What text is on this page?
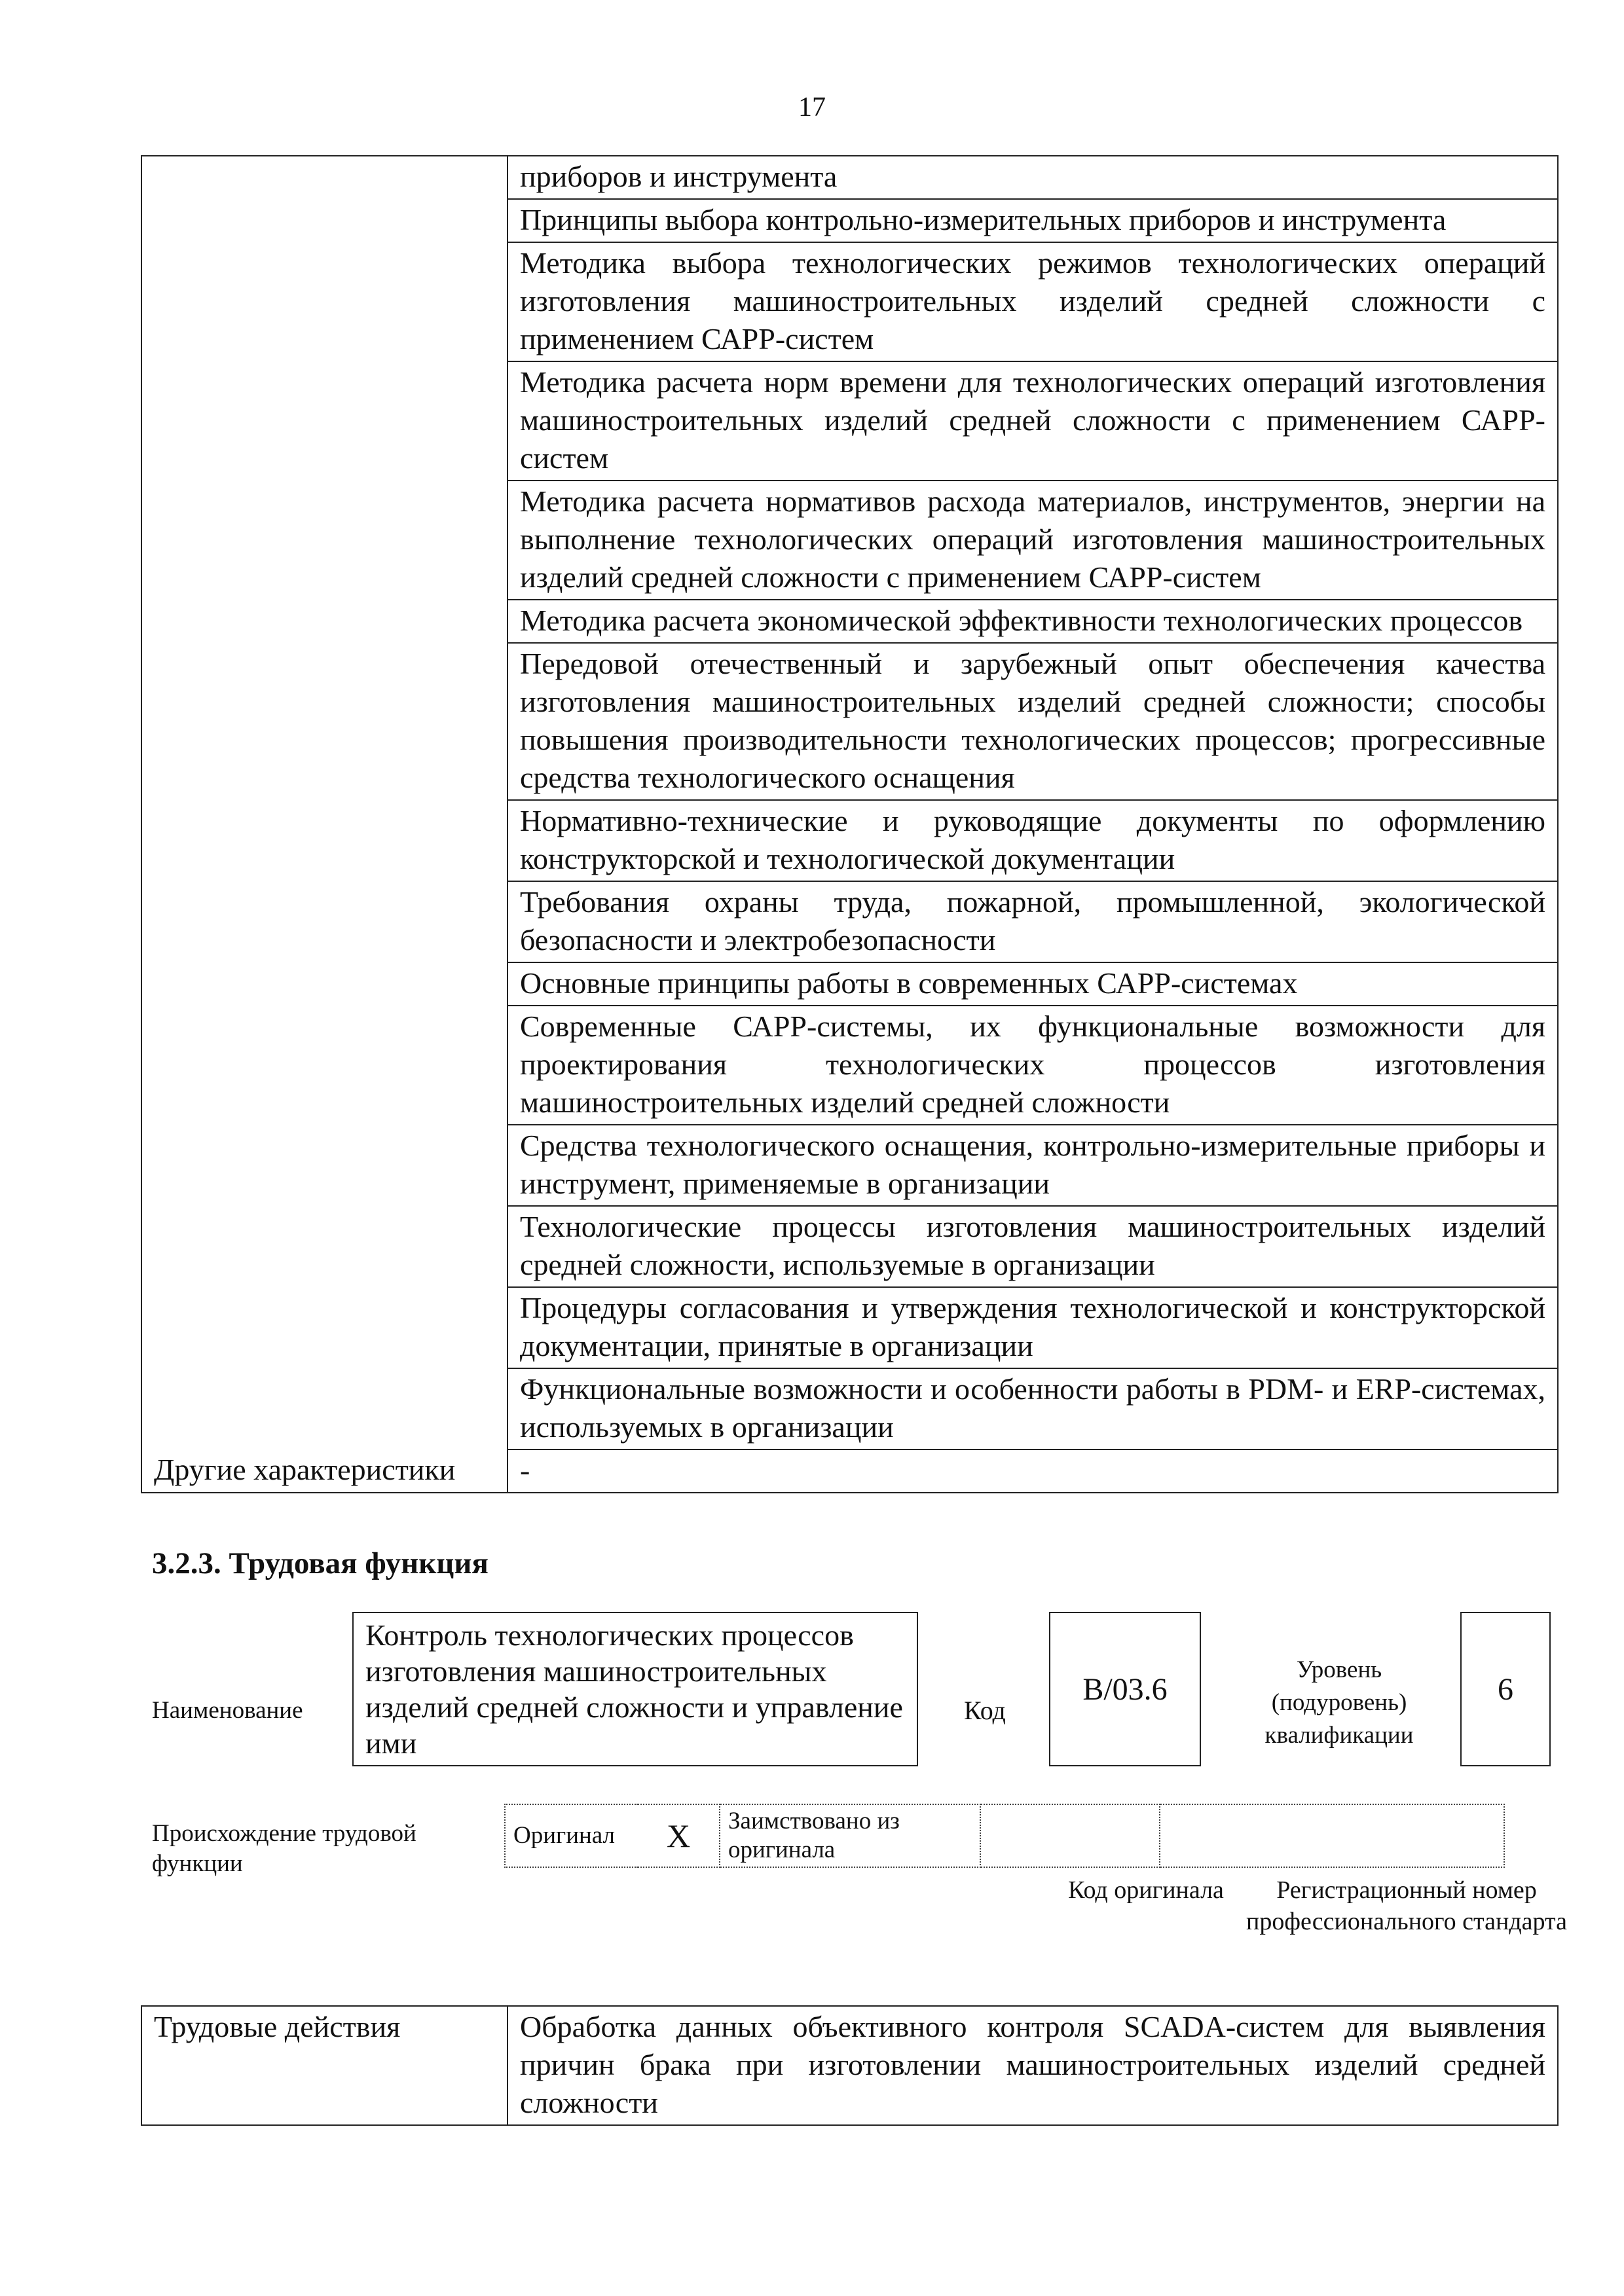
17
	приборов и инструмента
	Принципы выбора контрольно-измерительных приборов и инструмента
	Методика выбора технологических режимов технологических операций изготовления машиностроительных изделий средней сложности с применением САРР-систем
	Методика расчета норм времени для технологических операций изготовления машиностроительных изделий средней сложности с применением САРР-систем
	Методика расчета нормативов расхода материалов, инструментов, энергии на выполнение технологических операций изготовления машиностроительных изделий средней сложности с применением САРР-систем
	Методика расчета экономической эффективности технологических процессов
	Передовой отечественный и зарубежный опыт обеспечения качества изготовления машиностроительных изделий средней сложности; способы повышения производительности технологических процессов; прогрессивные средства технологического оснащения
	Нормативно-технические и руководящие документы по оформлению конструкторской и технологической документации
	Требования охраны труда, пожарной, промышленной, экологической безопасности и электробезопасности
	Основные принципы работы в современных САРР-системах
	Современные САРР-системы, их функциональные возможности для проектирования технологических процессов изготовления машиностроительных изделий средней сложности
	Средства технологического оснащения, контрольно-измерительные приборы и инструмент, применяемые в организации
	Технологические процессы изготовления машиностроительных изделий средней сложности, используемые в организации
	Процедуры согласования и утверждения технологической и конструкторской документации, принятые в организации
	Функциональные возможности и особенности работы в PDM- и ERP-системах, используемых в организации
Другие характеристики	-
3.2.3. Трудовая функция
Наименование
Контроль технологических процессов изготовления машиностроительных изделий средней сложности и управление ими
Код
В/03.6
Уровень (подуровень) квалификации
6
Происхождение трудовой функции
Оригинал	Х	Заимствовано из оригинала		
Код оригинала	Регистрационный номер профессионального стандарта
Трудовые действия	Обработка данных объективного контроля SCADA-систем для выявления причин брака при изготовлении машиностроительных изделий средней сложности
